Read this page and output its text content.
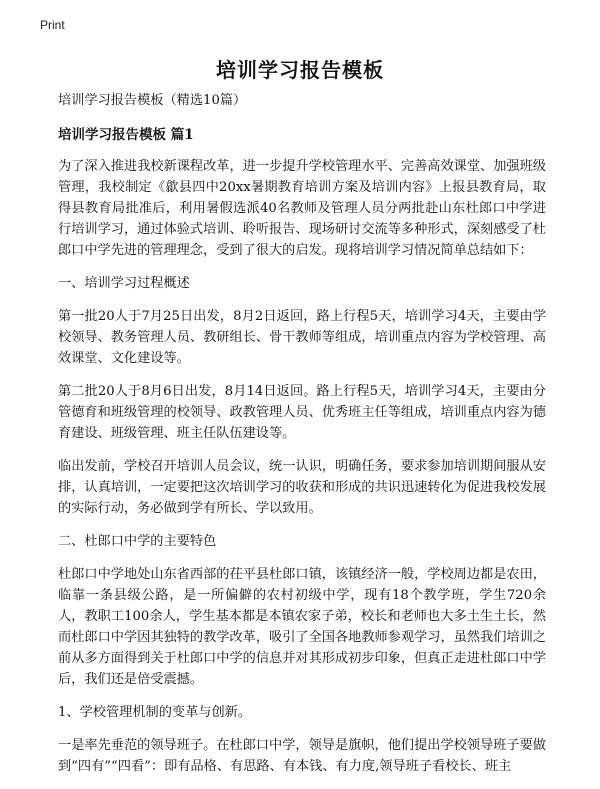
Print
培训学习报告模板
培训学习报告模板（精选10篇）
培训学习报告模板 篇1
为了深入推进我校新课程改革，进一步提升学校管理水平、完善高效课堂、加强班级管理，我校制定《歙县四中20xx暑期教育培训方案及培训内容》上报县教育局，取得县教育局批准后，利用暑假选派40名教师及管理人员分两批赴山东杜郎口中学进行培训学习，通过体验式培训、聆听报告、现场研讨交流等多种形式，深刻感受了杜郎口中学先进的管理理念，受到了很大的启发。现将培训学习情况简单总结如下：
一、培训学习过程概述
第一批20人于7月25日出发，8月2日返回，路上行程5天，培训学习4天，主要由学校领导、教务管理人员、教研组长、骨干教师等组成，培训重点内容为学校管理、高效课堂、文化建设等。
第二批20人于8月6日出发，8月14日返回。路上行程5天，培训学习4天，主要由分管德育和班级管理的校领导、政教管理人员、优秀班主任等组成，培训重点内容为德育建设、班级管理、班主任队伍建设等。
临出发前，学校召开培训人员会议，统一认识，明确任务，要求参加培训期间服从安排，认真培训，一定要把这次培训学习的收获和形成的共识迅速转化为促进我校发展的实际行动，务必做到学有所长、学以致用。
二、杜郎口中学的主要特色
杜郎口中学地处山东省西部的茌平县杜郎口镇，该镇经济一般，学校周边都是农田，临靠一条县级公路，是一所偏僻的农村初级中学，现有18个教学班，学生720余人，教职工100余人，学生基本都是本镇农家子弟，校长和老师也大多土生土长，然而杜郎口中学因其独特的教学改革，吸引了全国各地教师参观学习，虽然我们培训之前从多方面得到关于杜郎口中学的信息并对其形成初步印象，但真正走进杜郎口中学后，我们还是倍受震撼。
1、学校管理机制的变革与创新。
一是率先垂范的领导班子。在杜郎口中学，领导是旗帜，他们提出学校领导班子要做到“四有”“四看”：即有品格、有思路、有本钱、有力度,领导班子看校长、班主
